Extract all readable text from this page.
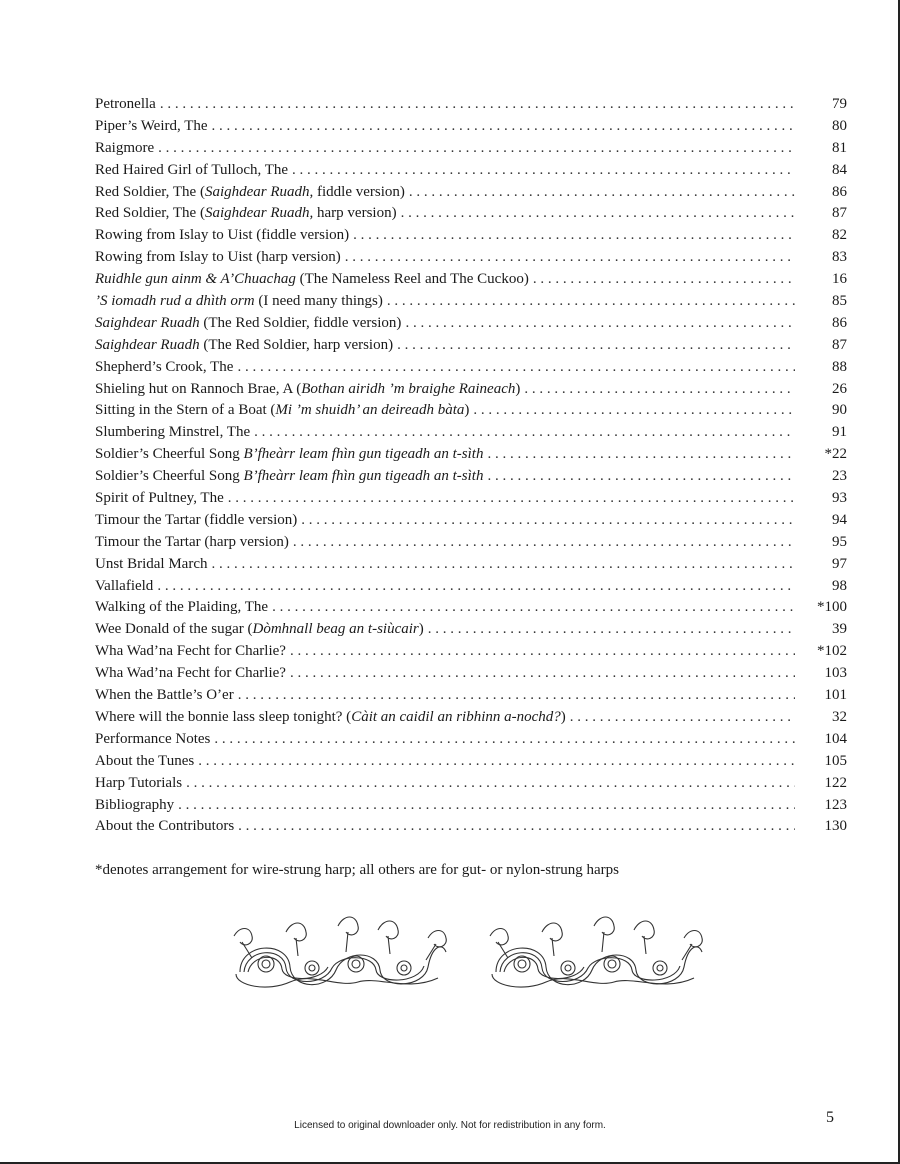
Petronella . . .	79
Piper’s Weird, The . . .	80
Raigmore . . .	81
Red Haired Girl of Tulloch, The . . .	84
Red Soldier, The (Saighdear Ruadh, fiddle version) . . .	86
Red Soldier, The (Saighdear Ruadh, harp version) . . .	87
Rowing from Islay to Uist (fiddle version) . . .	82
Rowing from Islay to Uist (harp version) . . .	83
Ruidhle gun ainm & A’Chuachag (The Nameless Reel and The Cuckoo) . . .	16
’S iomadh rud a dhìth orm (I need many things) . . .	85
Saighdear Ruadh (The Red Soldier, fiddle version) . . .	86
Saighdear Ruadh (The Red Soldier, harp version) . . .	87
Shepherd’s Crook, The . . .	88
Shieling hut on Rannoch Brae, A (Bothan airidh ’m braighe Raineach) . . .	26
Sitting in the Stern of a Boat (Mi ’m shuidh’ an deireadh bàta) . . .	90
Slumbering Minstrel, The . . .	91
Soldier’s Cheerful Song B’fheàrr leam fhìn gun tigeadh an t-sìth . . .	*22
Soldier’s Cheerful Song B’fheàrr leam fhìn gun tigeadh an t-sìth . . .	23
Spirit of Pultney, The . . .	93
Timour the Tartar (fiddle version) . . .	94
Timour the Tartar (harp version) . . .	95
Unst Bridal March . . .	97
Vallafield . . .	98
Walking of the Plaiding, The . . .	*100
Wee Donald of the sugar (Dòmhnall beag an t-siùcair) . . .	39
Wha Wad’na Fecht for Charlie? . . .	*102
Wha Wad’na Fecht for Charlie? . . .	103
When the Battle’s O’er . . .	101
Where will the bonnie lass sleep tonight? (Càit an caidil an ribhinn a-nochd?) . . .	32
Performance Notes . . .	104
About the Tunes . . .	105
Harp Tutorials . . .	122
Bibliography . . .	123
About the Contributors . . .	130
*denotes arrangement for wire-strung harp; all others are for gut- or nylon-strung harps
Licensed to original downloader only. Not for redistribution in any form.	5
